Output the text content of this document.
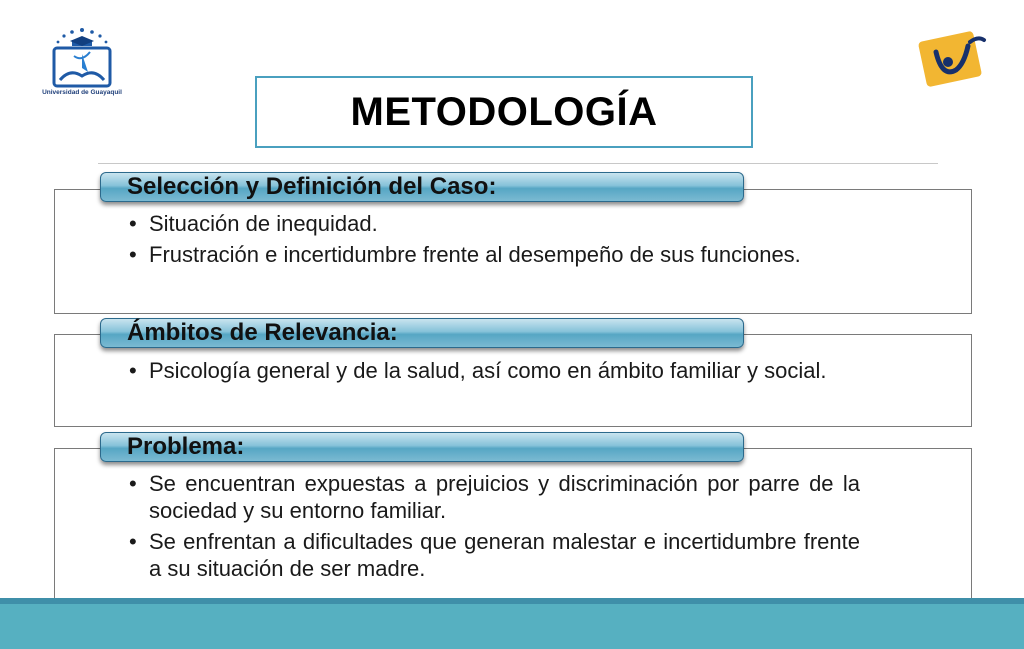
Universidad de Guayaquil	METODOLOGÍA
• Situación de inequidad.
• Frustración e incertidumbre frente al desempeño de sus funciones.
Selección y Definición del Caso:
• Psicología general y de la salud, así como en ámbito familiar y social.
Ámbitos de Relevancia:
• Se encuentran expuestas a prejuicios y discriminación por parre de la sociedad y su entorno familiar.
• Se enfrentan a dificultades que generan malestar e incertidumbre frente a su situación de ser madre.
Problema:
